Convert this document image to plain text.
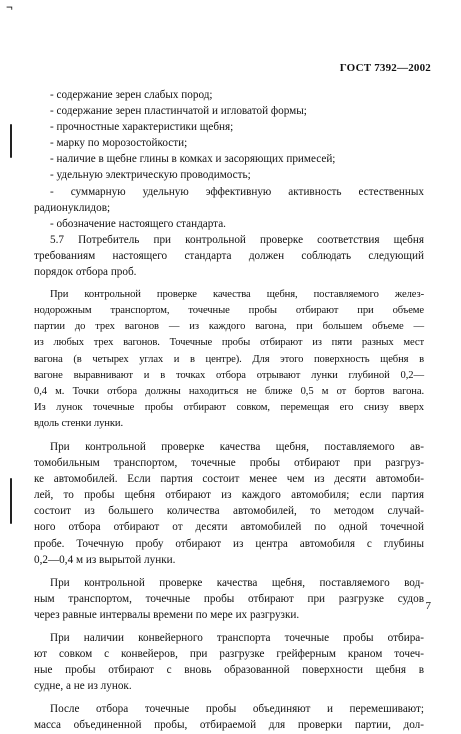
¬
ГОСТ 7392—2002
- содержание зерен слабых пород;
- содержание зерен пластинчатой и игловатой формы;
- прочностные характеристики щебня;
- марку по морозостойкости;
- наличие в щебне глины в комках и засоряющих примесей;
- удельную электрическую проводимость;
- суммарную удельную эффективную активность естественных
радионуклидов;
- обозначение настоящего стандарта.
5.7 Потребитель при контрольной проверке соответствия щебня
требованиям настоящего стандарта должен соблюдать следующий
порядок отбора проб.
При контрольной проверке качества щебня, поставляемого желез-
нодорожным транспортом, точечные пробы отбирают при объеме
партии до трех вагонов — из каждого вагона, при большем объеме —
из любых трех вагонов. Точечные пробы отбирают из пяти разных мест
вагона (в четырех углах и в центре). Для этого поверхность щебня в
вагоне выравнивают и в точках отбора отрывают лунки глубиной 0,2—
0,4 м. Точки отбора должны находиться не ближе 0,5 м от бортов вагона.
Из лунок точечные пробы отбирают совком, перемещая его снизу вверх
вдоль стенки лунки.
При контрольной проверке качества щебня, поставляемого ав-
томобильным транспортом, точечные пробы отбирают при разгруз-
ке автомобилей. Если партия состоит менее чем из десяти автомоби-
лей, то пробы щебня отбирают из каждого автомобиля; если партия
состоит из большего количества автомобилей, то методом случай-
ного отбора отбирают от десяти автомобилей по одной точечной
пробе. Точечную пробу отбирают из центра автомобиля с глубины
0,2—0,4 м из вырытой лунки.
При контрольной проверке качества щебня, поставляемого вод-
ным транспортом, точечные пробы отбирают при разгрузке судов
через равные интервалы времени по мере их разгрузки.
При наличии конвейерного транспорта точечные пробы отбира-
ют совком с конвейеров, при разгрузке грейферным краном точеч-
ные пробы отбирают с вновь образованной поверхности щебня в
судне, а не из лунок.
После отбора точечные пробы объединяют и перемешивают;
масса объединенной пробы, отбираемой для проверки партии, дол-
7
